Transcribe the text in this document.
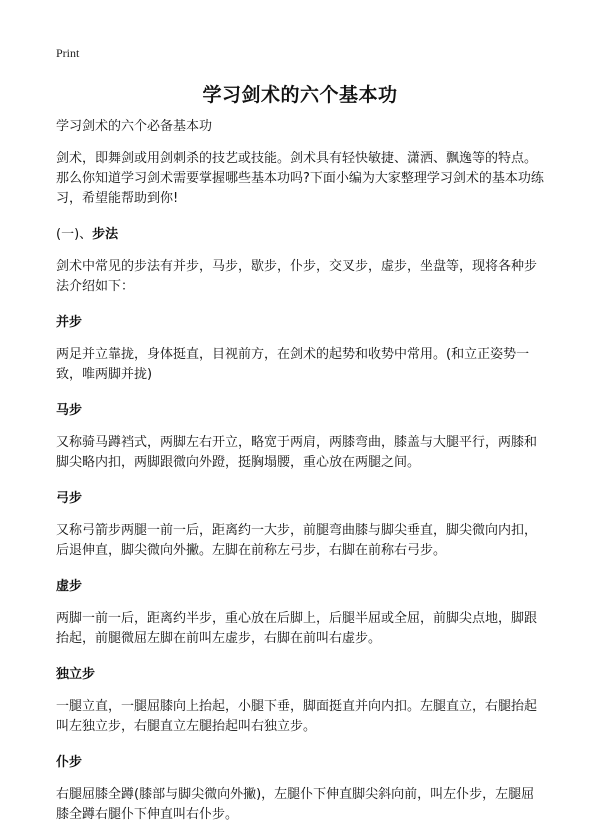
Print
学习剑术的六个基本功

学习剑术的六个必备基本功

剑术，即舞剑或用剑刺杀的技艺或技能。剑术具有轻快敏捷、潇洒、飘逸等的特点。那么你知道学习剑术需要掌握哪些基本功吗?下面小编为大家整理学习剑术的基本功练习，希望能帮助到你!

(一)、步法

剑术中常见的步法有并步，马步，歇步，仆步，交叉步，虚步，坐盘等，现将各种步法介绍如下：

并步

两足并立靠拢，身体挺直，目视前方，在剑术的起势和收势中常用。(和立正姿势一致，唯两脚并拢)

马步

又称骑马蹲裆式，两脚左右开立，略宽于两肩，两膝弯曲，膝盖与大腿平行，两膝和脚尖略内扣，两脚跟微向外蹬，挺胸塌腰，重心放在两腿之间。

弓步

又称弓箭步两腿一前一后，距离约一大步，前腿弯曲膝与脚尖垂直，脚尖微向内扣，后退伸直，脚尖微向外撇。左脚在前称左弓步，右脚在前称右弓步。

虚步

两脚一前一后，距离约半步，重心放在后脚上，后腿半屈或全屈，前脚尖点地，脚跟抬起，前腿微屈左脚在前叫左虚步，右脚在前叫右虚步。

独立步

一腿立直，一腿屈膝向上抬起，小腿下垂，脚面挺直并向内扣。左腿直立，右腿抬起叫左独立步，右腿直立左腿抬起叫右独立步。

仆步

右腿屈膝全蹲(膝部与脚尖微向外撇)，左腿仆下伸直脚尖斜向前，叫左仆步，左腿屈膝全蹲右腿仆下伸直叫右仆步。
